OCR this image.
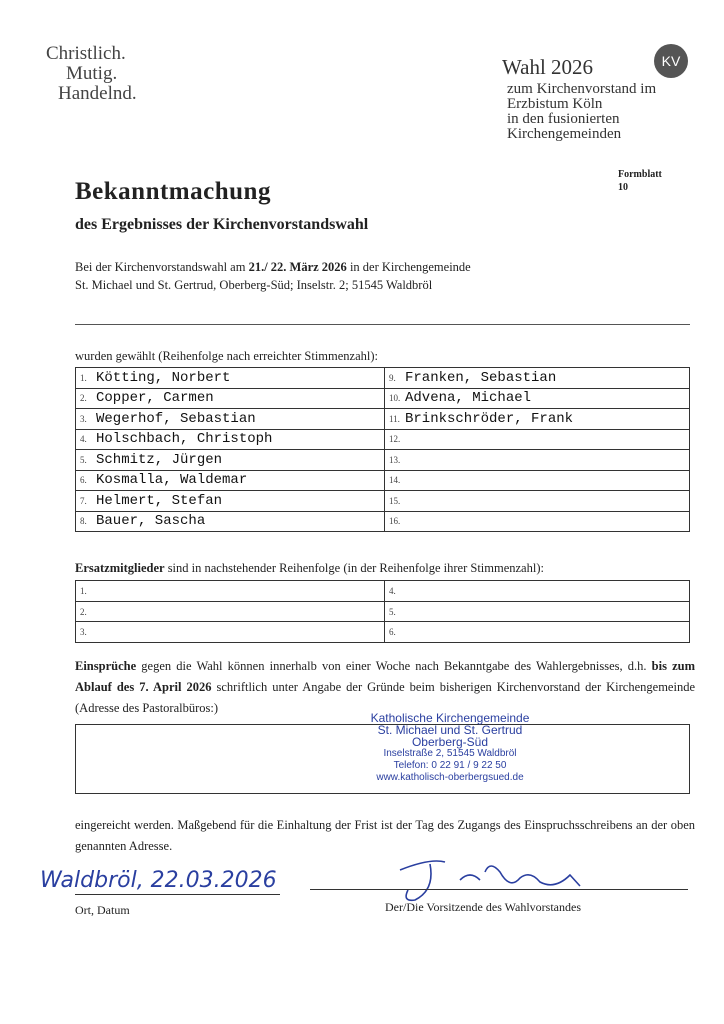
Christlich.
Mutig.
Handelnd.
Wahl 2026	KV
zum Kirchenvorstand im
Erzbistum Köln
in den fusionierten
Kirchengemeinden
Formblatt
10
Bekanntmachung
des Ergebnisses der Kirchenvorstandswahl
Bei der Kirchenvorstandswahl am 21./ 22. März 2026 in der Kirchengemeinde
St. Michael und St. Gertrud, Oberberg-Süd; Inselstr. 2; 51545 Waldbröl
wurden gewählt (Reihenfolge nach erreichter Stimmenzahl):
1. Kötting, Norbert	9. Franken, Sebastian
2. Copper, Carmen	10. Advena, Michael
3. Wegerhof, Sebastian	11. Brinkschröder, Frank
4. Holschbach, Christoph	12.
5. Schmitz, Jürgen	13.
6. Kosmalla, Waldemar	14.
7. Helmert, Stefan	15.
8. Bauer, Sascha	16.
Ersatzmitglieder sind in nachstehender Reihenfolge (in der Reihenfolge ihrer Stimmenzahl):
1.	4.
2.	5.
3.	6.
Einsprüche gegen die Wahl können innerhalb von einer Woche nach Bekanntgabe des Wahlergebnisses, d.h. bis zum Ablauf des 7. April 2026 schriftlich unter Angabe der Gründe beim bisherigen Kirchenvorstand der Kirchengemeinde (Adresse des Pastoralbüros:)
Katholische Kirchengemeinde
St. Michael und St. Gertrud
Oberberg-Süd
Inselstraße 2, 51545 Waldbröl
Telefon: 0 22 91 / 9 22 50
www.katholisch-oberbergsued.de
eingereicht werden. Maßgebend für die Einhaltung der Frist ist der Tag des Zugangs des Einspruchsschreibens an der oben genannten Adresse.
Waldbröl, 22.03.2026
Ort, Datum	Der/Die Vorsitzende des Wahlvorstandes
